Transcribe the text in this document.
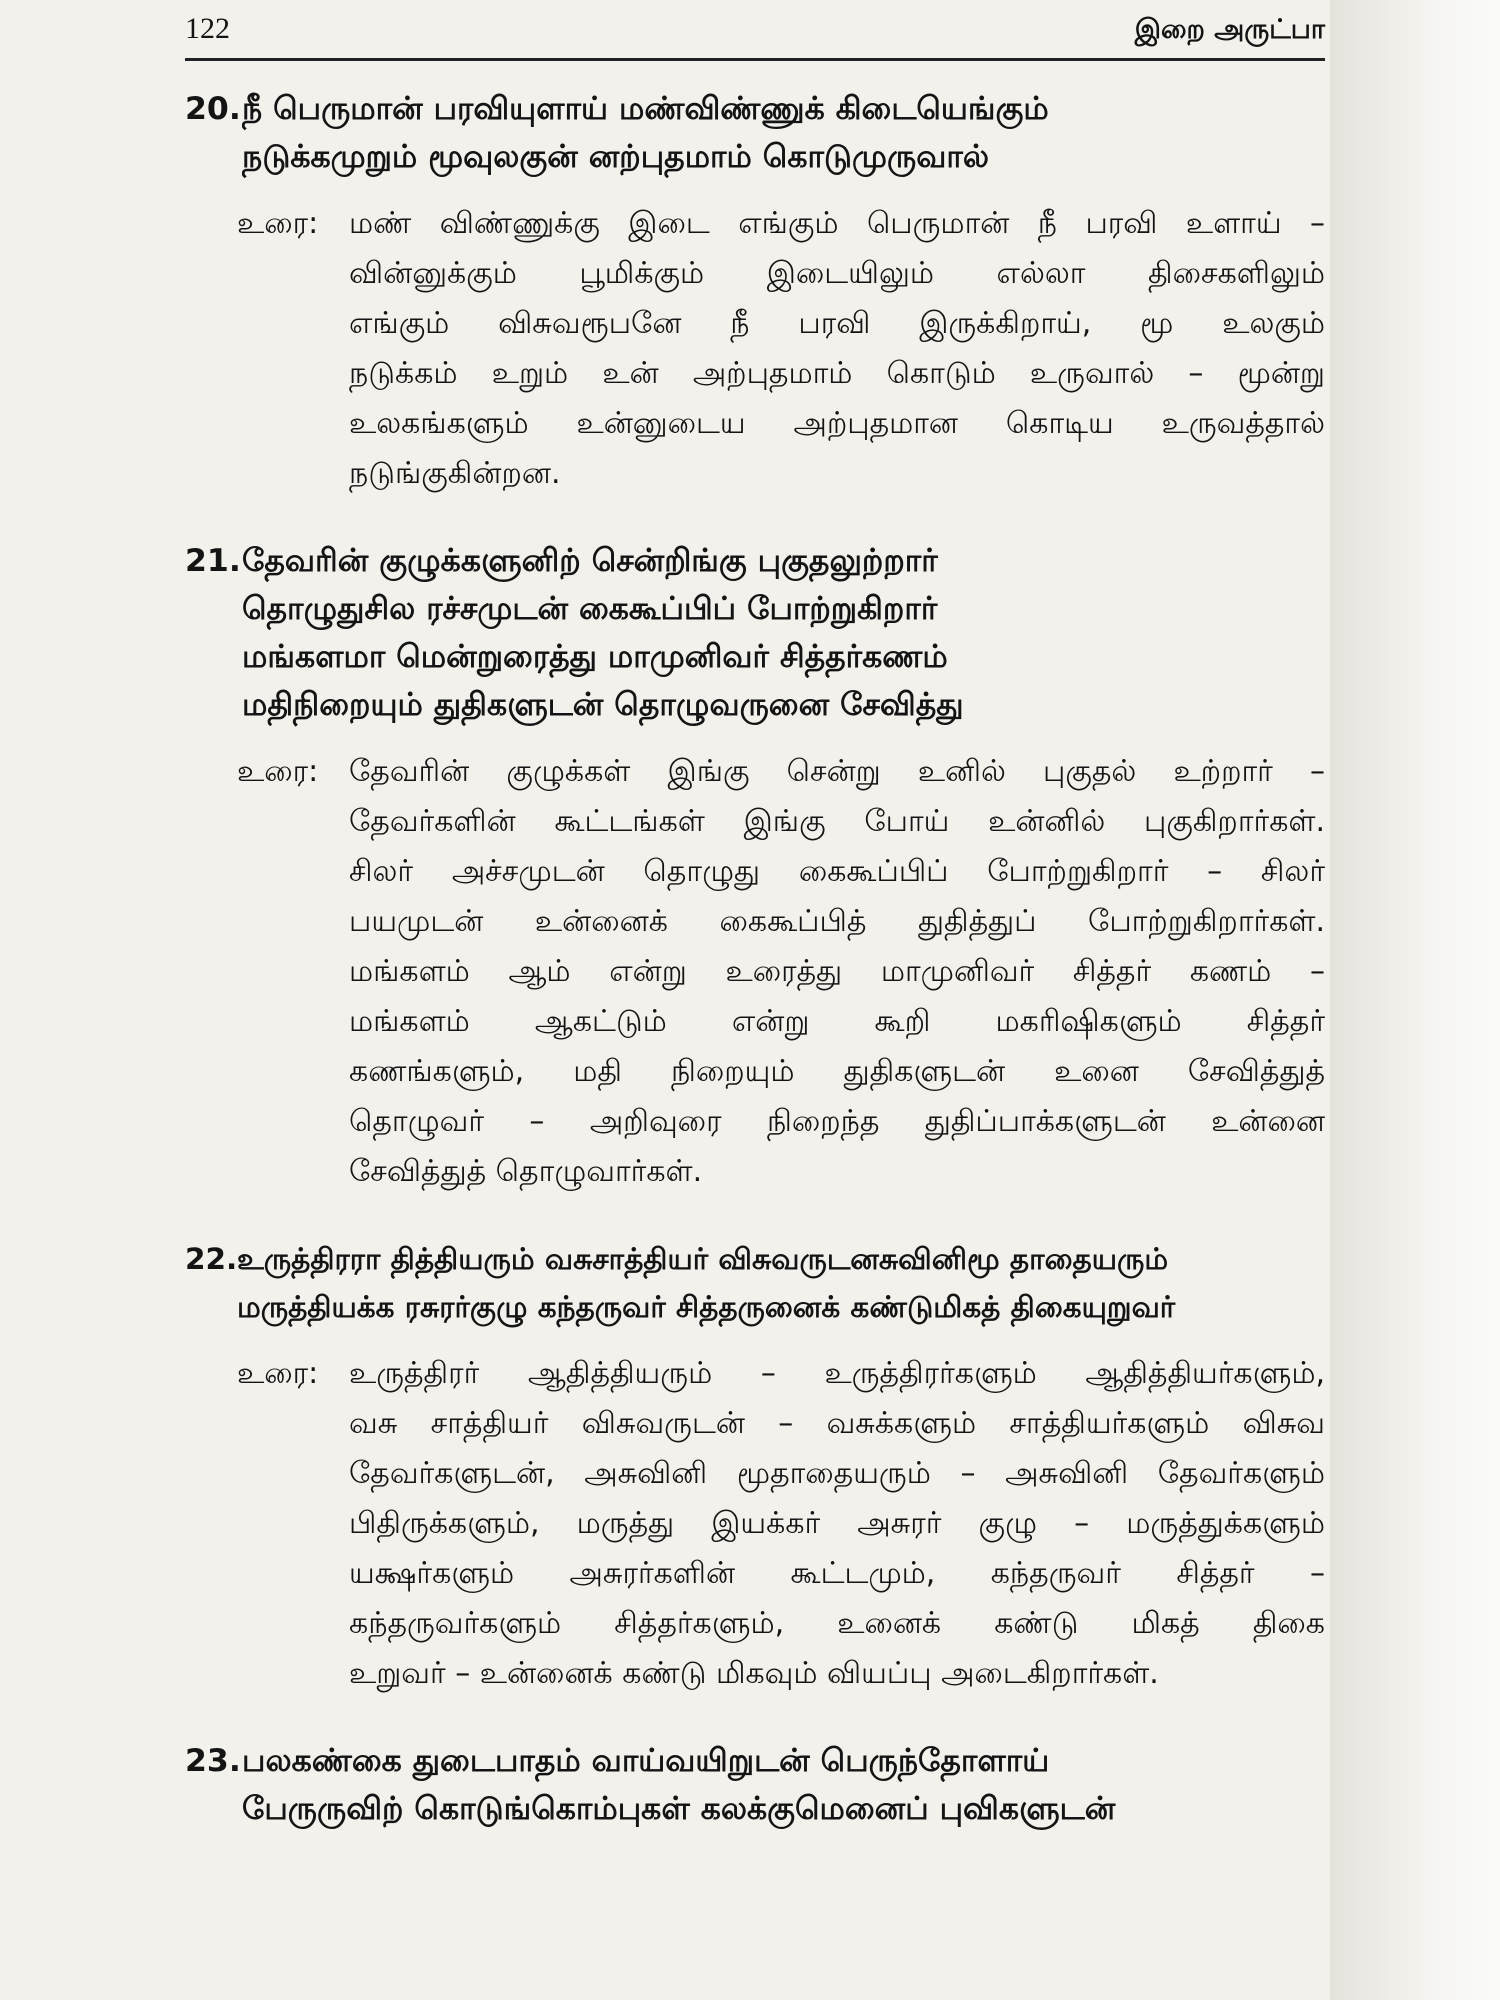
122	இறை அருட்பா
20. நீ பெருமான் பரவியுளாய் மண்விண்ணுக் கிடையெங்கும்
நடுக்கமுறும் மூவுலகுன் னற்புதமாம் கொடுமுருவால்
உரை:	மண் விண்ணுக்கு இடை எங்கும் பெருமான் நீ பரவி உளாய் –
வின்னுக்கும் பூமிக்கும் இடையிலும் எல்லா திசைகளிலும்
எங்கும் விசுவரூபனே நீ பரவி இருக்கிறாய், மூ உலகும்
நடுக்கம் உறும் உன் அற்புதமாம் கொடும் உருவால் – மூன்று
உலகங்களும் உன்னுடைய அற்புதமான கொடிய உருவத்தால்
நடுங்குகின்றன.
21. தேவரின் குழுக்களுனிற் சென்றிங்கு புகுதலுற்றார்
தொழுதுசில ரச்சமுடன் கைகூப்பிப் போற்றுகிறார்
மங்களமா மென்றுரைத்து மாமுனிவர் சித்தர்கணம்
மதிநிறையும் துதிகளுடன் தொழுவருனை சேவித்து
உரை:	தேவரின் குழுக்கள் இங்கு சென்று உனில் புகுதல் உற்றார் –
தேவர்களின் கூட்டங்கள் இங்கு போய் உன்னில் புகுகிறார்கள்.
சிலர் அச்சமுடன் தொழுது கைகூப்பிப் போற்றுகிறார் – சிலர்
பயமுடன் உன்னைக் கைகூப்பித் துதித்துப் போற்றுகிறார்கள்.
மங்களம் ஆம் என்று உரைத்து மாமுனிவர் சித்தர் கணம் –
மங்களம் ஆகட்டும் என்று கூறி மகரிஷிகளும் சித்தர்
கணங்களும், மதி நிறையும் துதிகளுடன் உனை சேவித்துத்
தொழுவர் – அறிவுரை நிறைந்த துதிப்பாக்களுடன் உன்னை
சேவித்துத் தொழுவார்கள்.
22. உருத்திரரா தித்தியரும் வசுசாத்தியர் விசுவருடனசுவினிமூ தாதையரும்
மருத்தியக்க ரசுரர்குழு கந்தருவர் சித்தருனைக் கண்டுமிகத் திகையுறுவர்
உரை:	உருத்திரர் ஆதித்தியரும் – உருத்திரர்களும் ஆதித்தியர்களும்,
வசு சாத்தியர் விசுவருடன் – வசுக்களும் சாத்தியர்களும் விசுவ
தேவர்களுடன், அசுவினி மூதாதையரும் – அசுவினி தேவர்களும்
பிதிருக்களும், மருத்து இயக்கர் அசுரர் குழு – மருத்துக்களும்
யக்ஷர்களும் அசுரர்களின் கூட்டமும், கந்தருவர் சித்தர் –
கந்தருவர்களும் சித்தர்களும், உனைக் கண்டு மிகத் திகை
உறுவர் – உன்னைக் கண்டு மிகவும் வியப்பு அடைகிறார்கள்.
23. பலகண்கை துடைபாதம் வாய்வயிறுடன் பெருந்தோளாய்
பேருருவிற் கொடுங்கொம்புகள் கலக்குமெனைப் புவிகளுடன்
